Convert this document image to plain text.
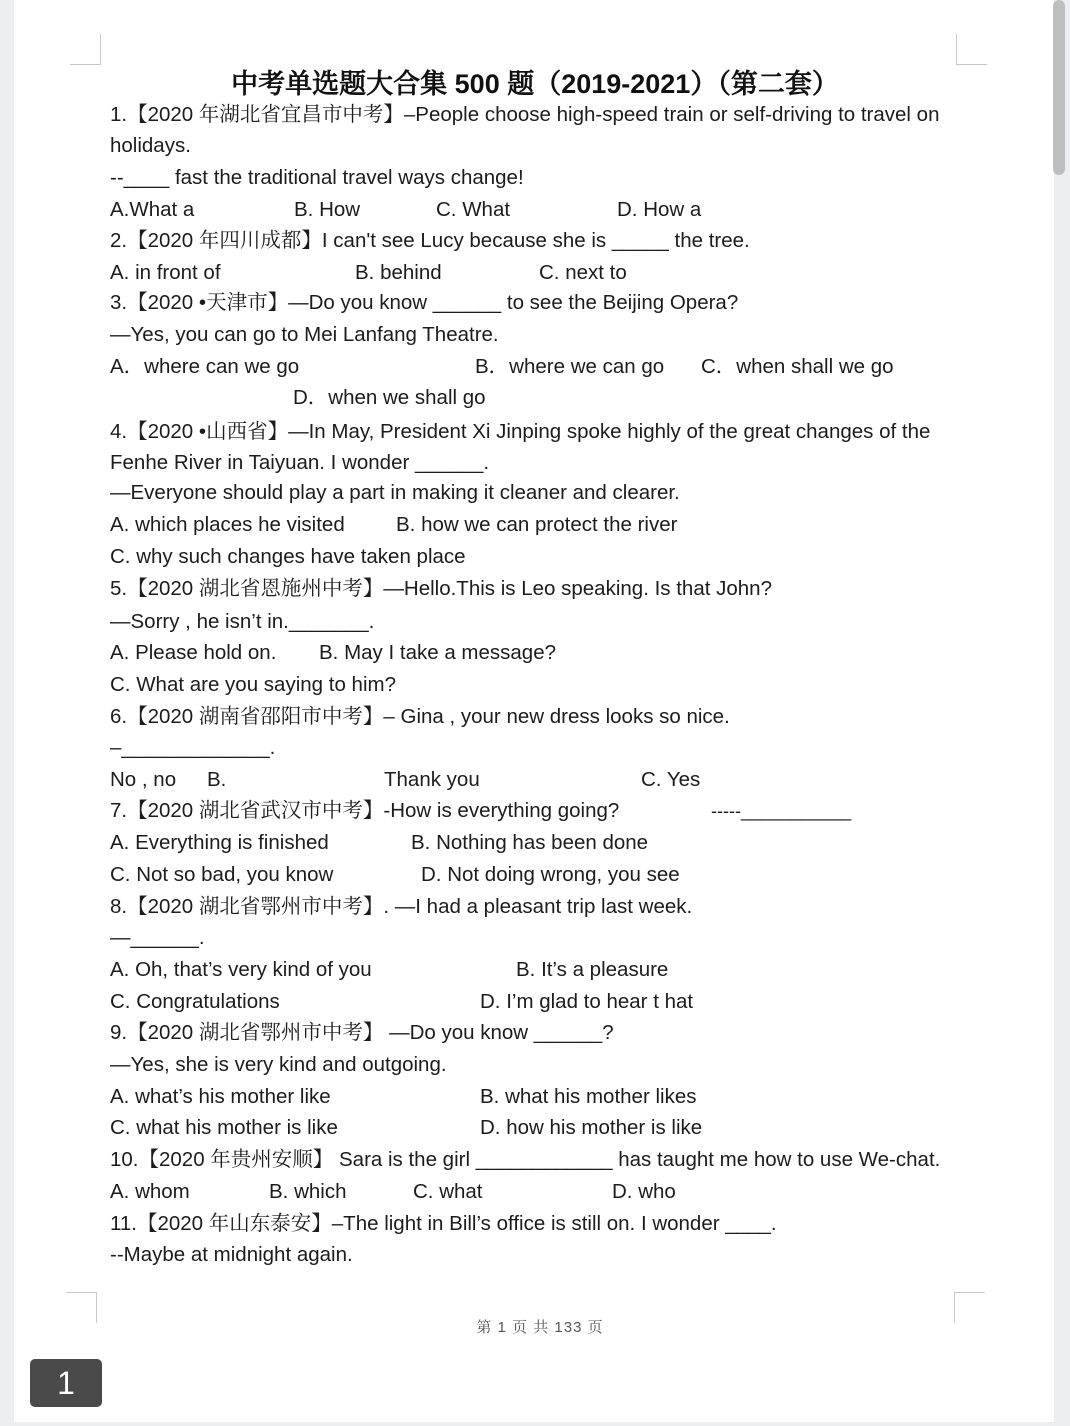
中考单选题大合集 500 题（2019-2021）（第二套）
1.【2020 年湖北省宜昌市中考】–People choose high-speed train or self-driving to travel on
holidays.
--____ fast the traditional travel ways change!
A.What a	B. How	C. What	D. How a
2.【2020 年四川成都】I can't see Lucy because she is _____ the tree.
A. in front of	B. behind	C. next to
3.【2020 •天津市】—Do you know ______ to see the Beijing Opera?
—Yes, you can go to Mei Lanfang Theatre.
A．where can we go	B．where we can go C．when shall we go
D．when we shall go
4.【2020 •山西省】—In May, President Xi Jinping spoke highly of the great changes of the
Fenhe River in Taiyuan. I wonder ______.
—Everyone should play a part in making it cleaner and clearer.
A. which places he visited	B. how we can protect the river
C. why such changes have taken place
5.【2020 湖北省恩施州中考】—Hello.This is Leo speaking. Is that John?
—Sorry , he isn’t in._______.
A. Please hold on. B. May I take a message?
C. What are you saying to him?
6.【2020 湖南省邵阳市中考】– Gina , your new dress looks so nice.
–_____________.
No , no B.	Thank you	C. Yes
7.【2020 湖北省武汉市中考】-How is everything going?	-----___________
A. Everything is finished	B. Nothing has been done
C. Not so bad, you know	D. Not doing wrong, you see
8.【2020 湖北省鄂州市中考】. —I had a pleasant trip last week.
—______.
A. Oh, that’s very kind of you	B. It’s a pleasure
C. Congratulations	D. I’m glad to hear t hat
9.【2020 湖北省鄂州市中考】 —Do you know ______?
—Yes, she is very kind and outgoing.
A. what’s his mother like	B. what his mother likes
C. what his mother is like	D. how his mother is like
10.【2020 年贵州安顺】 Sara is the girl ____________ has taught me how to use We-chat.
A. whom	B. which	C. what	D. who
11.【2020 年山东泰安】–The light in Bill’s office is still on. I wonder ____.
--Maybe at midnight again.
第 1 页 共 133 页
1
